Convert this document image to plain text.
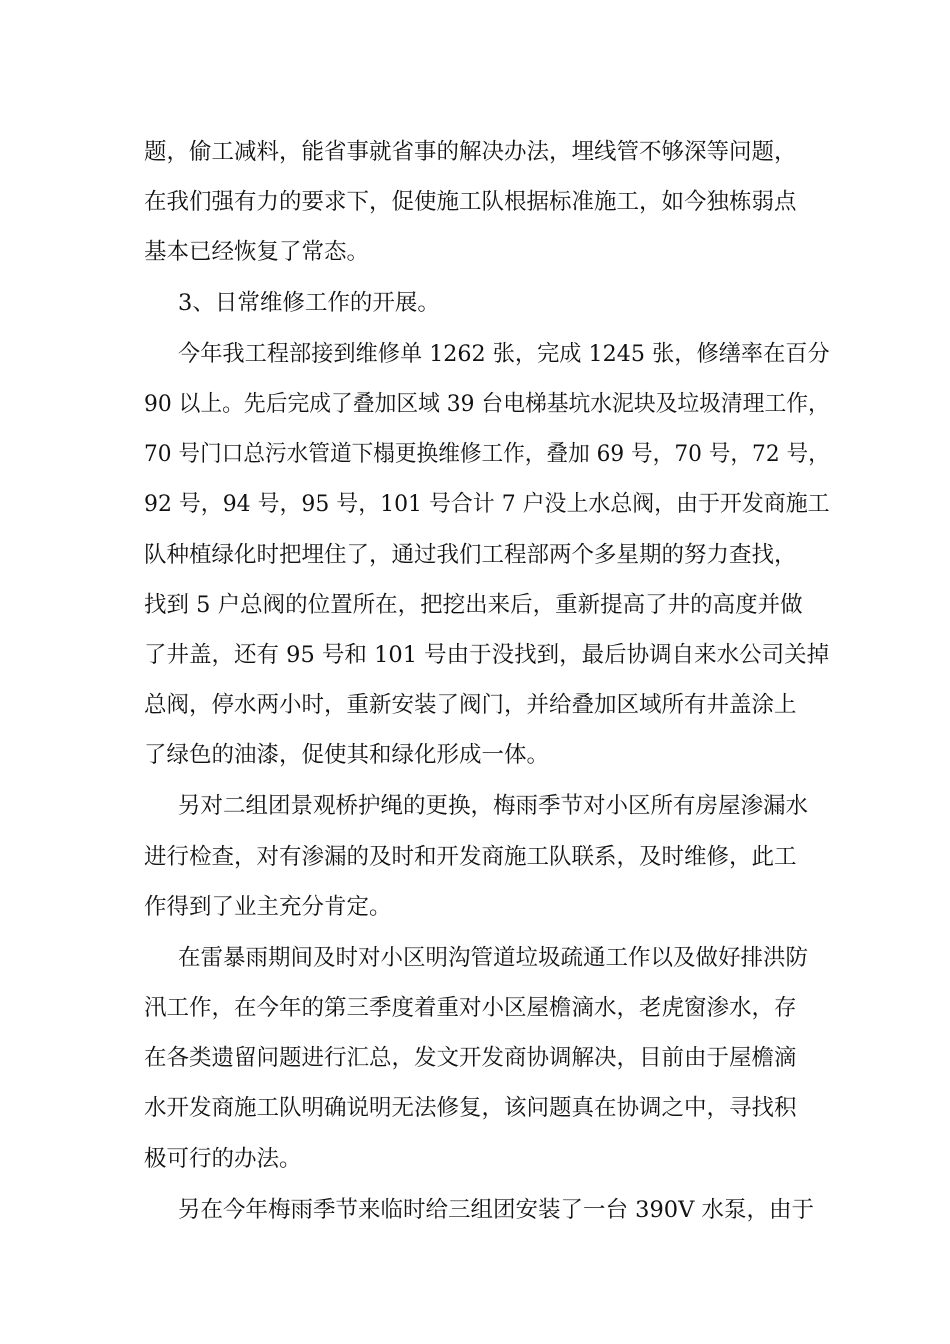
题，偷工减料，能省事就省事的解决办法，埋线管不够深等问题，
在我们强有力的要求下，促使施工队根据标准施工，如今独栋弱点
基本已经恢复了常态。
3、日常维修工作的开展。
今年我工程部接到维修单 1262 张，完成 1245 张，修缮率在百分
90 以上。先后完成了叠加区域 39 台电梯基坑水泥块及垃圾清理工作，
70 号门口总污水管道下榻更换维修工作，叠加 69 号，70 号，72 号，
92 号，94 号，95 号，101 号合计 7 户没上水总阀，由于开发商施工
队种植绿化时把埋住了，通过我们工程部两个多星期的努力查找，
找到 5 户总阀的位置所在，把挖出来后，重新提高了井的高度并做
了井盖，还有 95 号和 101 号由于没找到，最后协调自来水公司关掉
总阀，停水两小时，重新安装了阀门，并给叠加区域所有井盖涂上
了绿色的油漆，促使其和绿化形成一体。
另对二组团景观桥护绳的更换，梅雨季节对小区所有房屋渗漏水
进行检查，对有渗漏的及时和开发商施工队联系，及时维修，此工
作得到了业主充分肯定。
在雷暴雨期间及时对小区明沟管道垃圾疏通工作以及做好排洪防
汛工作，在今年的第三季度着重对小区屋檐滴水，老虎窗渗水，存
在各类遗留问题进行汇总，发文开发商协调解决，目前由于屋檐滴
水开发商施工队明确说明无法修复，该问题真在协调之中，寻找积
极可行的办法。
另在今年梅雨季节来临时给三组团安装了一台 390V 水泵，由于
